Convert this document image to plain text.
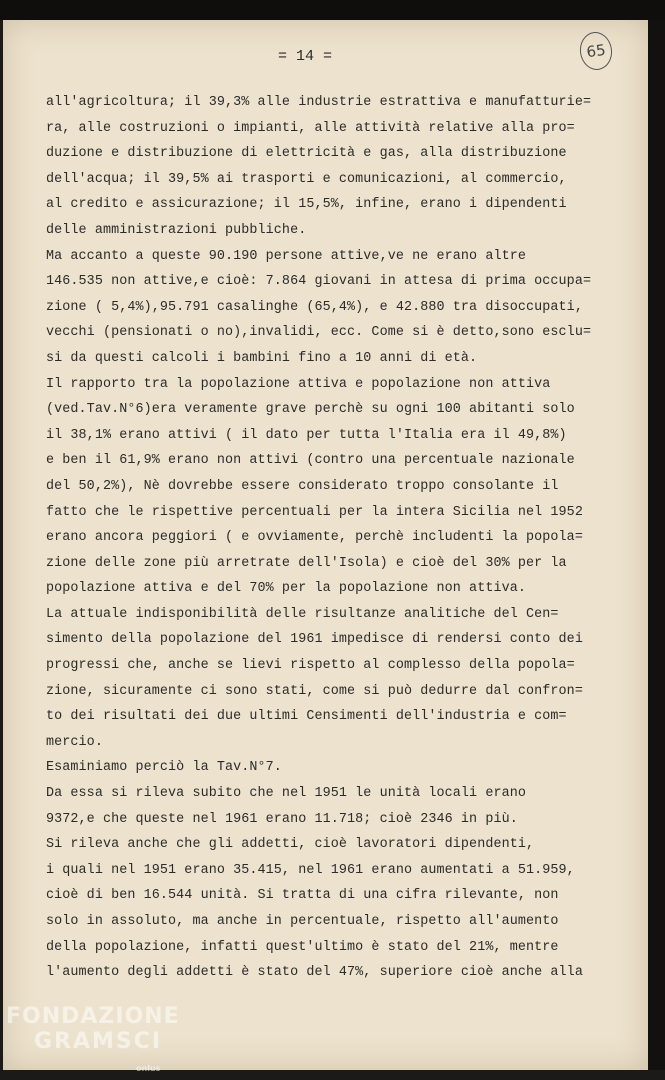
= 14 =	65
all'agricoltura; il 39,3% alle industrie estrattiva e manufatturie=
ra, alle costruzioni o impianti, alle attività relative alla pro=
duzione e distribuzione di elettricità e gas, alla distribuzione
dell'acqua; il 39,5% ai trasporti e comunicazioni, al commercio,
al credito e assicurazione; il 15,5%, infine, erano i dipendenti
delle amministrazioni pubbliche.
Ma accanto a queste 90.190 persone attive,ve ne erano altre
146.535 non attive,e cioè: 7.864 giovani in attesa di prima occupa=
zione ( 5,4%),95.791 casalinghe (65,4%), e 42.880 tra disoccupati,
vecchi (pensionati o no),invalidi, ecc. Come si è detto,sono esclu=
si da questi calcoli i bambini fino a 10 anni di età.
Il rapporto tra la popolazione attiva e popolazione non attiva
(ved.Tav.N°6)era veramente grave perchè su ogni 100 abitanti solo
il 38,1% erano attivi ( il dato per tutta l'Italia era il 49,8%)
e ben il 61,9% erano non attivi (contro una percentuale nazionale
del 50,2%), Nè dovrebbe essere considerato troppo consolante il
fatto che le rispettive percentuali per la intera Sicilia nel 1952
erano ancora peggiori ( e ovviamente, perchè includenti la popola=
zione delle zone più arretrate dell'Isola) e cioè del 30% per la
popolazione attiva e del 70% per la popolazione non attiva.
La attuale indisponibilità delle risultanze analitiche del Cen=
simento della popolazione del 1961 impedisce di rendersi conto dei
progressi che, anche se lievi rispetto al complesso della popola=
zione, sicuramente ci sono stati, come si può dedurre dal confron=
to dei risultati dei due ultimi Censimenti dell'industria e com=
mercio.
Esaminiamo perciò la Tav.N°7.
Da essa si rileva subito che nel 1951 le unità locali erano
9372,e che queste nel 1961 erano 11.718; cioè 2346 in più.
Si rileva anche che gli addetti, cioè lavoratori dipendenti,
i quali nel 1951 erano 35.415, nel 1961 erano aumentati a 51.959,
cioè di ben 16.544 unità. Si tratta di una cifra rilevante, non
solo in assoluto, ma anche in percentuale, rispetto all'aumento
della popolazione, infatti quest'ultimo è stato del 21%, mentre
l'aumento degli addetti è stato del 47%, superiore cioè anche alla
FONDAZIONE
GRAMSCI
onlus
